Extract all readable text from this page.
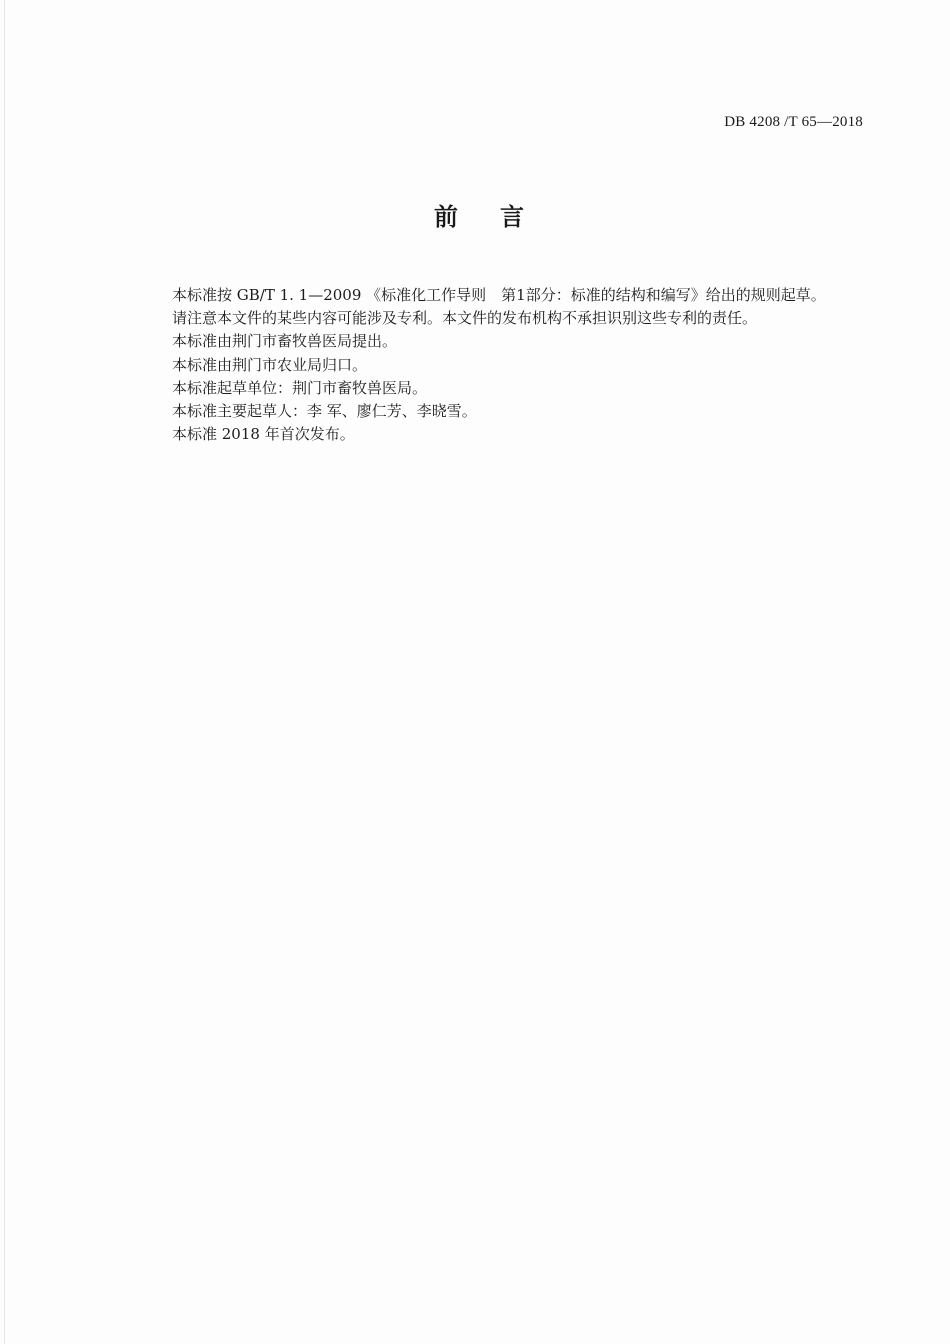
DB 4208 /T 65—2018
前言

本标准按 GB/T 1. 1—2009 《标准化工作导则　第1部分：标准的结构和编写》给出的规则起草。

请注意本文件的某些内容可能涉及专利。本文件的发布机构不承担识别这些专利的责任。

本标准由荆门市畜牧兽医局提出。

本标准由荆门市农业局归口。

本标准起草单位：荆门市畜牧兽医局。

本标准主要起草人：李 军、廖仁芳、李晓雪。

本标准 2018 年首次发布。
